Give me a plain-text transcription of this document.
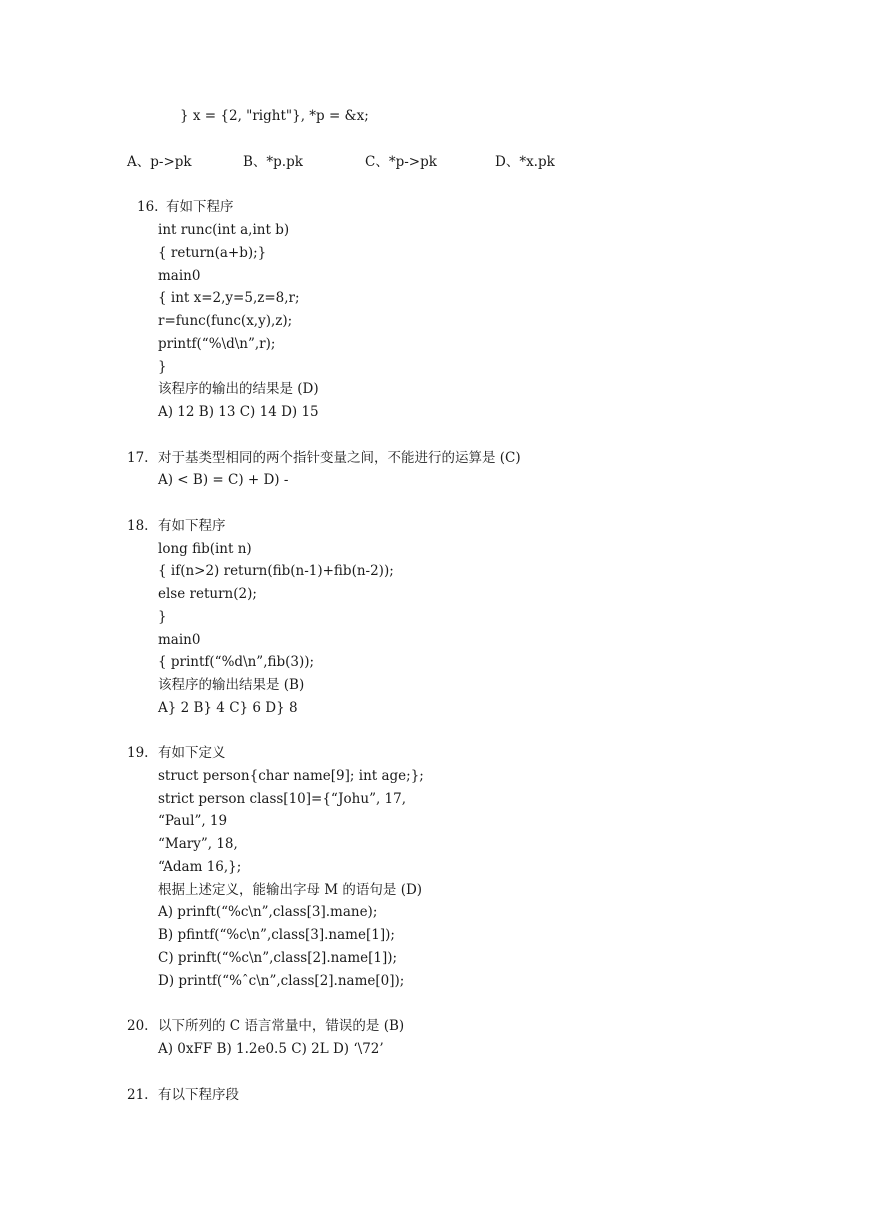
} x = {2, "right"}, *p = &x;
A、p->pk	B、*p.pk	C、*p->pk	D、*x.pk
16. 有如下程序
int runc(int a,int b)
{ return(a+b);}
main0
{ int x=2,y=5,z=8,r;
r=func(func(x,y),z);
printf(“%\d\n”,r);
}
该程序的输出的结果是 (D)
A) 12 B) 13 C) 14 D) 15
17. 对于基类型相同的两个指针变量之间，不能进行的运算是 (C)
A) < B) = C) + D) -
18. 有如下程序
long fib(int n)
{ if(n>2) return(fib(n-1)+fib(n-2));
else return(2);
}
main0
{ printf(“%d\n”,fib(3));
该程序的输出结果是 (B)
A} 2 B} 4 C} 6 D} 8
19. 有如下定义
struct person{char name[9]; int age;};
strict person class[10]={“Johu”, 17,
“Paul”, 19
“Mary”, 18,
“Adam 16,};
根据上述定义，能输出字母 M 的语句是 (D)
A) prinft(“%c\n”,class[3].mane);
B) pfintf(“%c\n”,class[3].name[1]);
C) prinft(“%c\n”,class[2].name[1]);
D) printf(“%ˆc\n”,class[2].name[0]);
20. 以下所列的 C 语言常量中，错误的是 (B)
A) 0xFF B) 1.2e0.5 C) 2L D) ‘\72’
21. 有以下程序段
